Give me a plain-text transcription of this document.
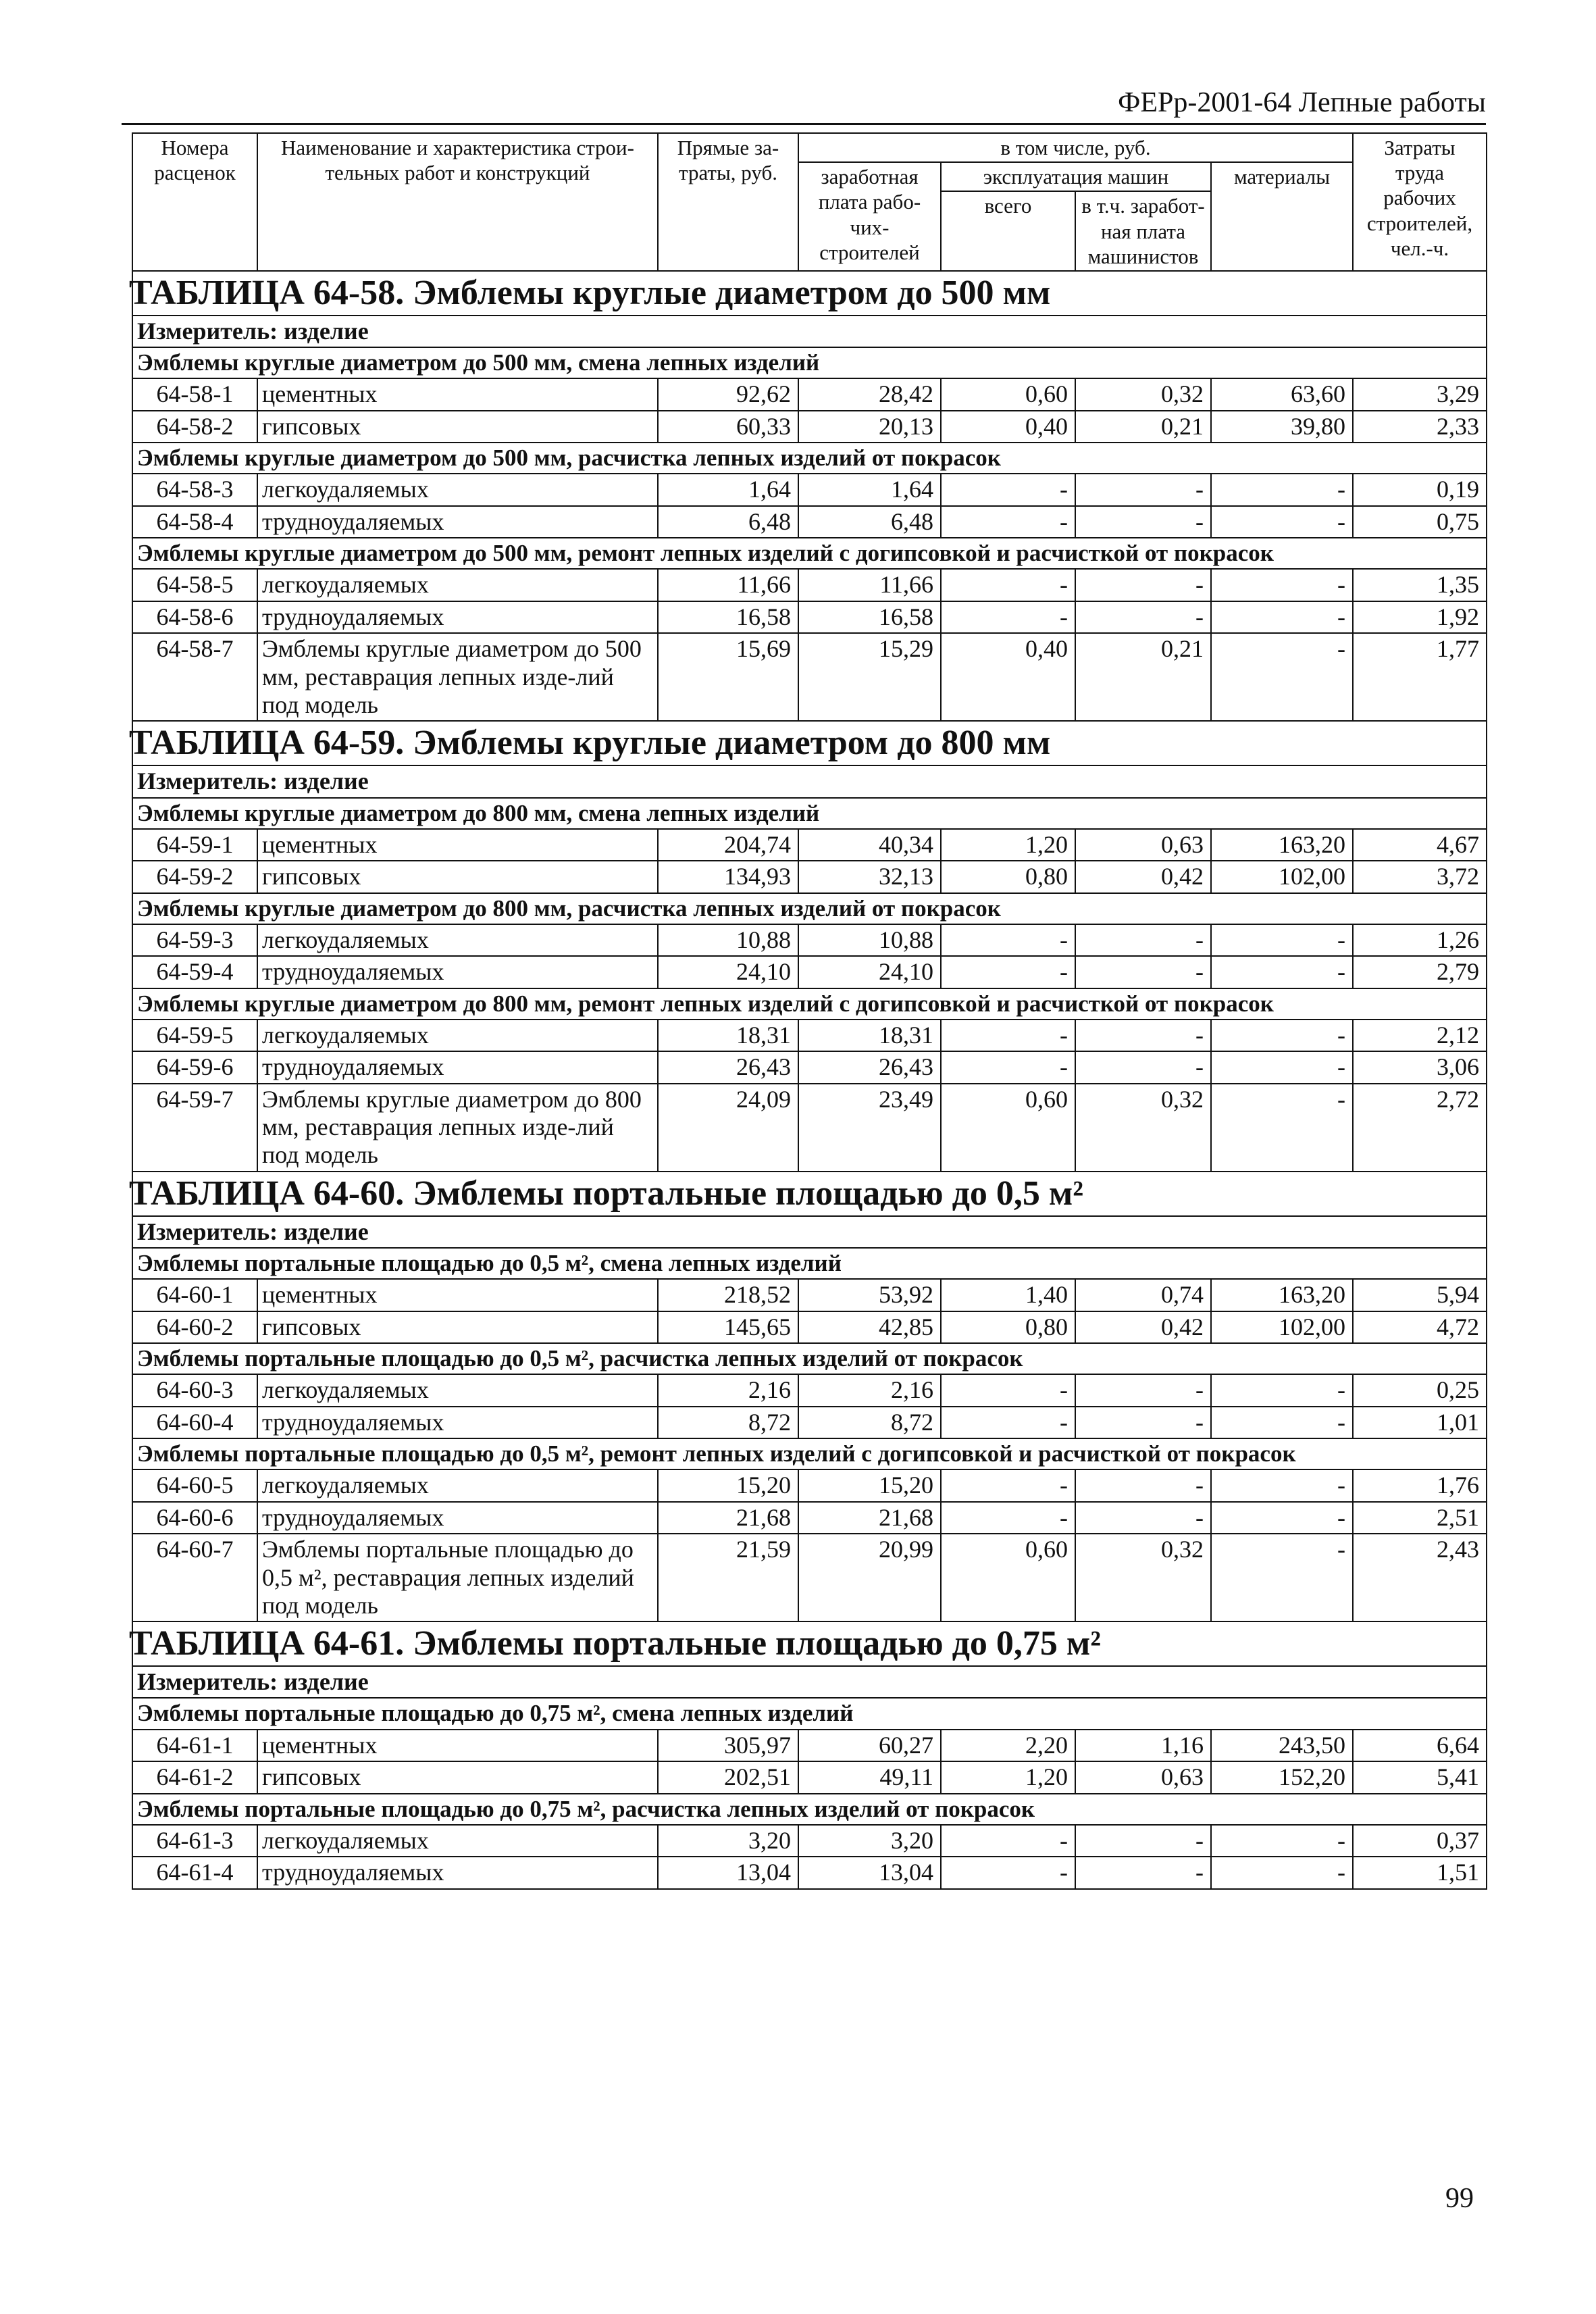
ФЕРр-2001-64 Лепные работы
Номера расценок	Наименование и характеристика строи-тельных работ и конструкций	Прямые за-траты, руб.	в том числе, руб.				Затраты труда рабочих строителей, чел.-ч.
			заработная плата рабо-чих-строителей	эксплуатация машин		материалы	
				всего	в т.ч. заработ-ная плата машинистов		

ТАБЛИЦА 64-58. Эмблемы круглые диаметром до 500 мм							

Измеритель: изделие							
Эмблемы круглые диаметром до 500 мм, смена лепных изделий							
64-58-1	цементных	92,62	28,42	0,60	0,32	63,60	3,29
64-58-2	гипсовых	60,33	20,13	0,40	0,21	39,80	2,33
Эмблемы круглые диаметром до 500 мм, расчистка лепных изделий от покрасок							
64-58-3	легкоудаляемых	1,64	1,64	-	-	-	0,19
64-58-4	трудноудаляемых	6,48	6,48	-	-	-	0,75
Эмблемы круглые диаметром до 500 мм, ремонт лепных изделий с догипсовкой и расчисткой от покрасок							
64-58-5	легкоудаляемых	11,66	11,66	-	-	-	1,35
64-58-6	трудноудаляемых	16,58	16,58	-	-	-	1,92
64-58-7	Эмблемы круглые диаметром до 500 мм, реставрация лепных изде-лий под модель	15,69	15,29	0,40	0,21	-	1,77

ТАБЛИЦА 64-59. Эмблемы круглые диаметром до 800 мм							

Измеритель: изделие							
Эмблемы круглые диаметром до 800 мм, смена лепных изделий							
64-59-1	цементных	204,74	40,34	1,20	0,63	163,20	4,67
64-59-2	гипсовых	134,93	32,13	0,80	0,42	102,00	3,72
Эмблемы круглые диаметром до 800 мм, расчистка лепных изделий от покрасок							
64-59-3	легкоудаляемых	10,88	10,88	-	-	-	1,26
64-59-4	трудноудаляемых	24,10	24,10	-	-	-	2,79
Эмблемы круглые диаметром до 800 мм, ремонт лепных изделий с догипсовкой и расчисткой от покрасок							
64-59-5	легкоудаляемых	18,31	18,31	-	-	-	2,12
64-59-6	трудноудаляемых	26,43	26,43	-	-	-	3,06
64-59-7	Эмблемы круглые диаметром до 800 мм, реставрация лепных изде-лий под модель	24,09	23,49	0,60	0,32	-	2,72

ТАБЛИЦА 64-60. Эмблемы портальные площадью до 0,5 м²							

Измеритель: изделие							
Эмблемы портальные площадью до 0,5 м², смена лепных изделий							
64-60-1	цементных	218,52	53,92	1,40	0,74	163,20	5,94
64-60-2	гипсовых	145,65	42,85	0,80	0,42	102,00	4,72
Эмблемы портальные площадью до 0,5 м², расчистка лепных изделий от покрасок							
64-60-3	легкоудаляемых	2,16	2,16	-	-	-	0,25
64-60-4	трудноудаляемых	8,72	8,72	-	-	-	1,01
Эмблемы портальные площадью до 0,5 м², ремонт лепных изделий с догипсовкой и расчисткой от покрасок							
64-60-5	легкоудаляемых	15,20	15,20	-	-	-	1,76
64-60-6	трудноудаляемых	21,68	21,68	-	-	-	2,51
64-60-7	Эмблемы портальные площадью до 0,5 м², реставрация лепных изделий под модель	21,59	20,99	0,60	0,32	-	2,43

ТАБЛИЦА 64-61. Эмблемы портальные площадью до 0,75 м²							

Измеритель: изделие							
Эмблемы портальные площадью до 0,75 м², смена лепных изделий							
64-61-1	цементных	305,97	60,27	2,20	1,16	243,50	6,64
64-61-2	гипсовых	202,51	49,11	1,20	0,63	152,20	5,41
Эмблемы портальные площадью до 0,75 м², расчистка лепных изделий от покрасок							
64-61-3	легкоудаляемых	3,20	3,20	-	-	-	0,37
64-61-4	трудноудаляемых	13,04	13,04	-	-	-	1,51
99
